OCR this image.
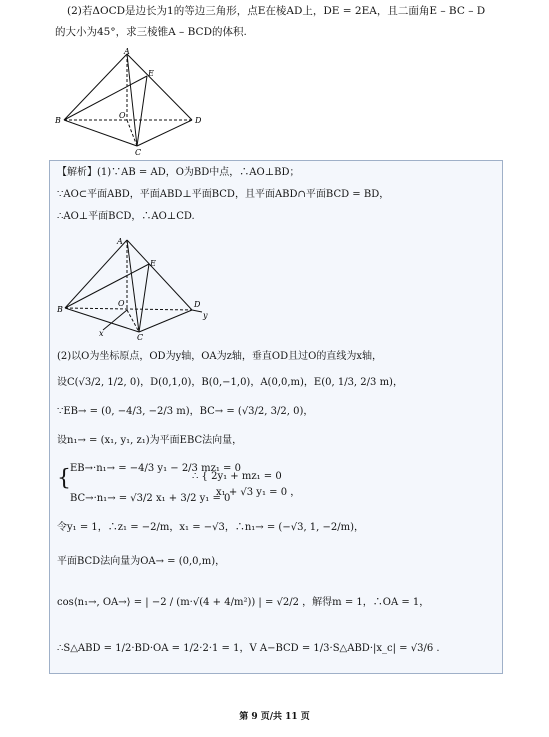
(2)若ΔOCD是边长为1的等边三角形，点E在棱AD上，DE = 2EA，且二面角E – BC – D
的大小为45°，求三棱锥A – BCD的体积.
A
E
B
O
D
C
【解析】(1)∵AB = AD，O为BD中点，∴AO⊥BD；
∵AO⊂平面ABD，平面ABD⊥平面BCD，且平面ABD∩平面BCD = BD，
∴AO⊥平面BCD，∴AO⊥CD.
A
E
B
O	D
y
x	C
(2)以O为坐标原点，OD为y轴，OA为z轴，垂直OD且过O的直线为x轴，
设C(√3/2, 1/2, 0)，D(0,1,0)，B(0,−1,0)，A(0,0,m)，E(0, 1/3, 2/3 m)，
∵EB→ = (0, −4/3, −2/3 m)，BC→ = (√3/2, 3/2, 0)，
设n₁→ = (x₁, y₁, z₁)为平面EBC法向量，
{ EB→·n₁→ = −4/3 y₁ − 2/3 mz₁ = 0
BC→·n₁→ = √3/2 x₁ + 3/2 y₁ = 0
∴ { 2y₁ + mz₁ = 0
x₁ + √3 y₁ = 0 ，
令y₁ = 1，∴z₁ = −2/m，x₁ = −√3，∴n₁→ = (−√3, 1, −2/m)，
平面BCD法向量为OA→ = (0,0,m)，
cos⟨n₁→, OA→⟩ = | −2 / (m·√(4 + 4/m²)) | = √2/2 ，解得m = 1，∴OA = 1，
∴S△ABD = 1/2·BD·OA = 1/2·2·1 = 1，V A−BCD = 1/3·S△ABD·|x_c| = √3/6 .
第 9 页/共 11 页
